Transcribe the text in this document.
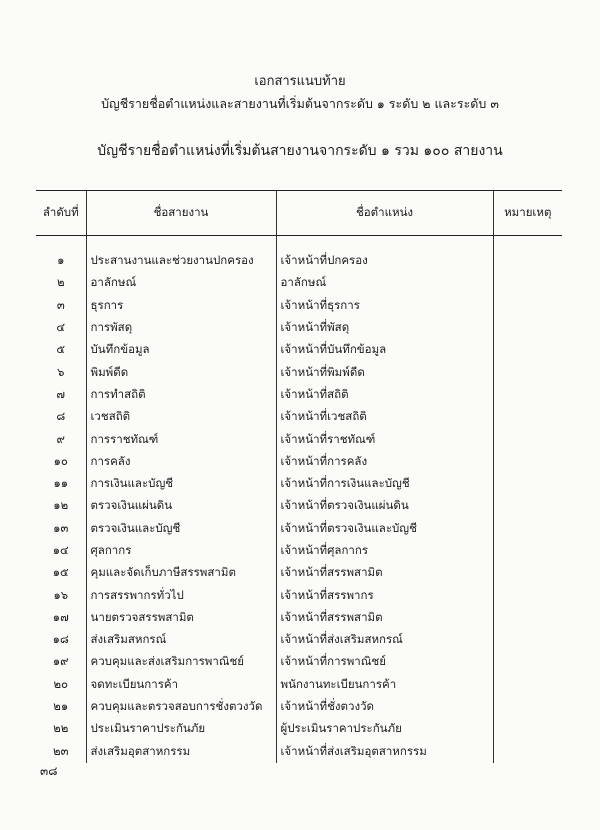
เอกสารแนบท้าย
บัญชีรายชื่อตำแหน่งและสายงานที่เริ่มต้นจากระดับ ๑ ระดับ ๒ และระดับ ๓
บัญชีรายชื่อตำแหน่งที่เริ่มต้นสายงานจากระดับ ๑ รวม ๑๐๐ สายงาน
ลำดับที่	ชื่อสายงาน	ชื่อตำแหน่ง	หมายเหตุ

๑	ประสานงานและช่วยงานปกครอง	เจ้าหน้าที่ปกครอง	
๒	อาลักษณ์	อาลักษณ์	
๓	ธุรการ	เจ้าหน้าที่ธุรการ	
๔	การพัสดุ	เจ้าหน้าที่พัสดุ	
๕	บันทึกข้อมูล	เจ้าหน้าที่บันทึกข้อมูล	
๖	พิมพ์ดีด	เจ้าหน้าที่พิมพ์ดีด	
๗	การทำสถิติ	เจ้าหน้าที่สถิติ	
๘	เวชสถิติ	เจ้าหน้าที่เวชสถิติ	
๙	การราชทัณฑ์	เจ้าหน้าที่ราชทัณฑ์	
๑๐	การคลัง	เจ้าหน้าที่การคลัง	
๑๑	การเงินและบัญชี	เจ้าหน้าที่การเงินและบัญชี	
๑๒	ตรวจเงินแผ่นดิน	เจ้าหน้าที่ตรวจเงินแผ่นดิน	
๑๓	ตรวจเงินและบัญชี	เจ้าหน้าที่ตรวจเงินและบัญชี	
๑๔	ศุลกากร	เจ้าหน้าที่ศุลกากร	
๑๕	คุมและจัดเก็บภาษีสรรพสามิต	เจ้าหน้าที่สรรพสามิต	
๑๖	การสรรพากรทั่วไป	เจ้าหน้าที่สรรพากร	
๑๗	นายตรวจสรรพสามิต	เจ้าหน้าที่สรรพสามิต	
๑๘	ส่งเสริมสหกรณ์	เจ้าหน้าที่ส่งเสริมสหกรณ์	
๑๙	ควบคุมและส่งเสริมการพาณิชย์	เจ้าหน้าที่การพาณิชย์	
๒๐	จดทะเบียนการค้า	พนักงานทะเบียนการค้า	
๒๑	ควบคุมและตรวจสอบการชั่งตวงวัด	เจ้าหน้าที่ชั่งตวงวัด	
๒๒	ประเมินราคาประกันภัย	ผู้ประเมินราคาประกันภัย	
๒๓	ส่งเสริมอุตสาหกรรม	เจ้าหน้าที่ส่งเสริมอุตสาหกรรม	
๓๘
